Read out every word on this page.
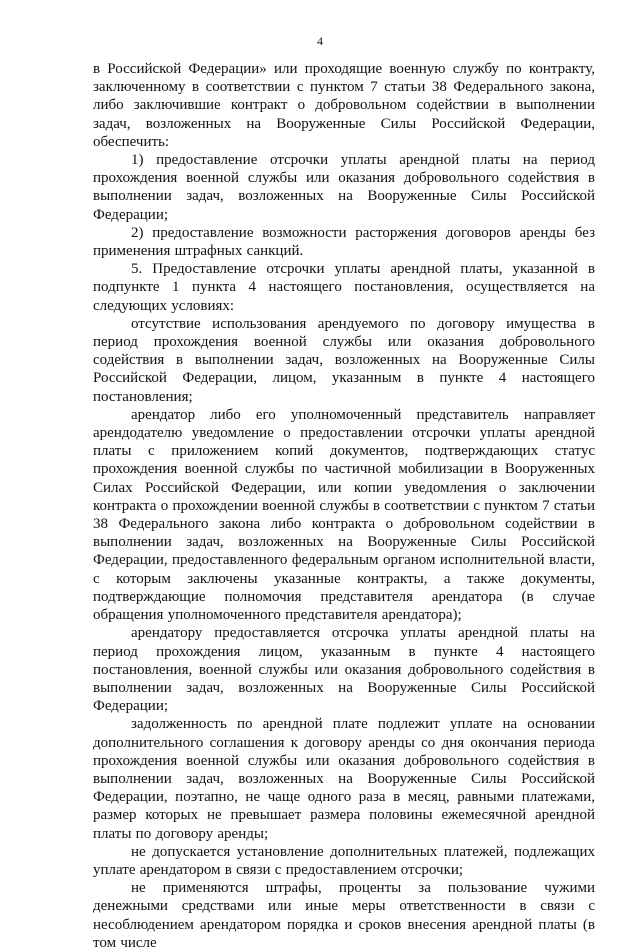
4

в Российской Федерации» или проходящие военную службу по контракту, заключенному в соответствии с пунктом 7 статьи 38 Федерального закона, либо заключившие контракт о добровольном содействии в выполнении задач, возложенных на Вооруженные Силы Российской Федерации, обеспечить:

1) предоставление отсрочки уплаты арендной платы на период прохождения военной службы или оказания добровольного содействия в выполнении задач, возложенных на Вооруженные Силы Российской Федерации;

2) предоставление возможности расторжения договоров аренды без применения штрафных санкций.

5. Предоставление отсрочки уплаты арендной платы, указанной в подпункте 1 пункта 4 настоящего постановления, осуществляется на следующих условиях:

отсутствие использования арендуемого по договору имущества в период прохождения военной службы или оказания добровольного содействия в выполнении задач, возложенных на Вооруженные Силы Российской Федерации, лицом, указанным в пункте 4 настоящего постановления;

арендатор либо его уполномоченный представитель направляет арендодателю уведомление о предоставлении отсрочки уплаты арендной платы с приложением копий документов, подтверждающих статус прохождения военной службы по частичной мобилизации в Вооруженных Силах Российской Федерации, или копии уведомления о заключении контракта о прохождении военной службы в соответствии с пунктом 7 статьи 38 Федерального закона либо контракта о добровольном содействии в выполнении задач, возложенных на Вооруженные Силы Российской Федерации, предоставленного федеральным органом исполнительной власти, с которым заключены указанные контракты, а также документы, подтверждающие полномочия представителя арендатора (в случае обращения уполномоченного представителя арендатора);

арендатору предоставляется отсрочка уплаты арендной платы на период прохождения лицом, указанным в пункте 4 настоящего постановления, военной службы или оказания добровольного содействия в выполнении задач, возложенных на Вооруженные Силы Российской Федерации;

задолженность по арендной плате подлежит уплате на основании дополнительного соглашения к договору аренды со дня окончания периода прохождения военной службы или оказания добровольного содействия в выполнении задач, возложенных на Вооруженные Силы Российской Федерации, поэтапно, не чаще одного раза в месяц, равными платежами, размер которых не превышает размера половины ежемесячной арендной платы по договору аренды;

не допускается установление дополнительных платежей, подлежащих уплате арендатором в связи с предоставлением отсрочки;

не применяются штрафы, проценты за пользование чужими денежными средствами или иные меры ответственности в связи с несоблюдением арендатором порядка и сроков внесения арендной платы (в том числе
